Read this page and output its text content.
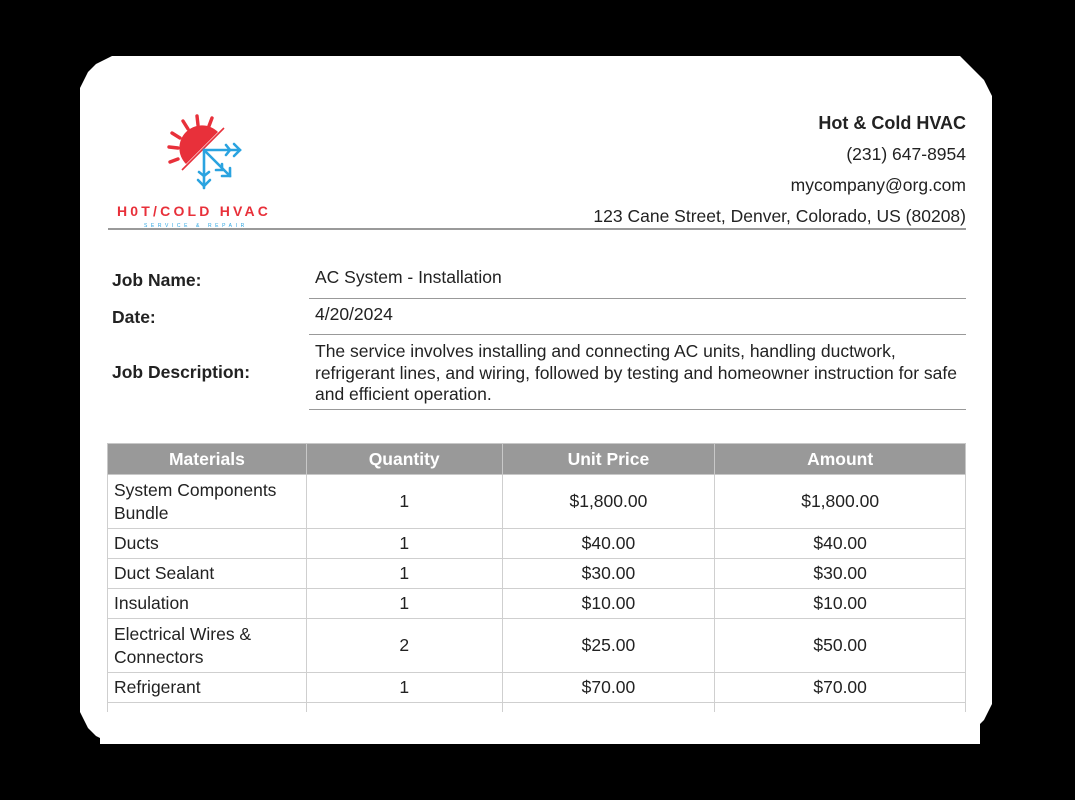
H0T/COLD HVAC
SERVICE & REPAIR
Hot & Cold HVAC
(231) 647-8954
mycompany@org.com
123 Cane Street, Denver, Colorado, US (80208)
Job Name:	AC System - Installation
Date:	4/20/2024
Job Description:
The service involves installing and connecting AC units, handling ductwork, refrigerant lines, and wiring, followed by testing and homeowner instruction for safe and efficient operation.
Materials	Quantity	Unit Price	Amount
System Components Bundle	1	$1,800.00	$1,800.00
Ducts	1	$40.00	$40.00
Duct Sealant	1	$30.00	$30.00
Insulation	1	$10.00	$10.00
Electrical Wires & Connectors	2	$25.00	$50.00
Refrigerant	1	$70.00	$70.00
